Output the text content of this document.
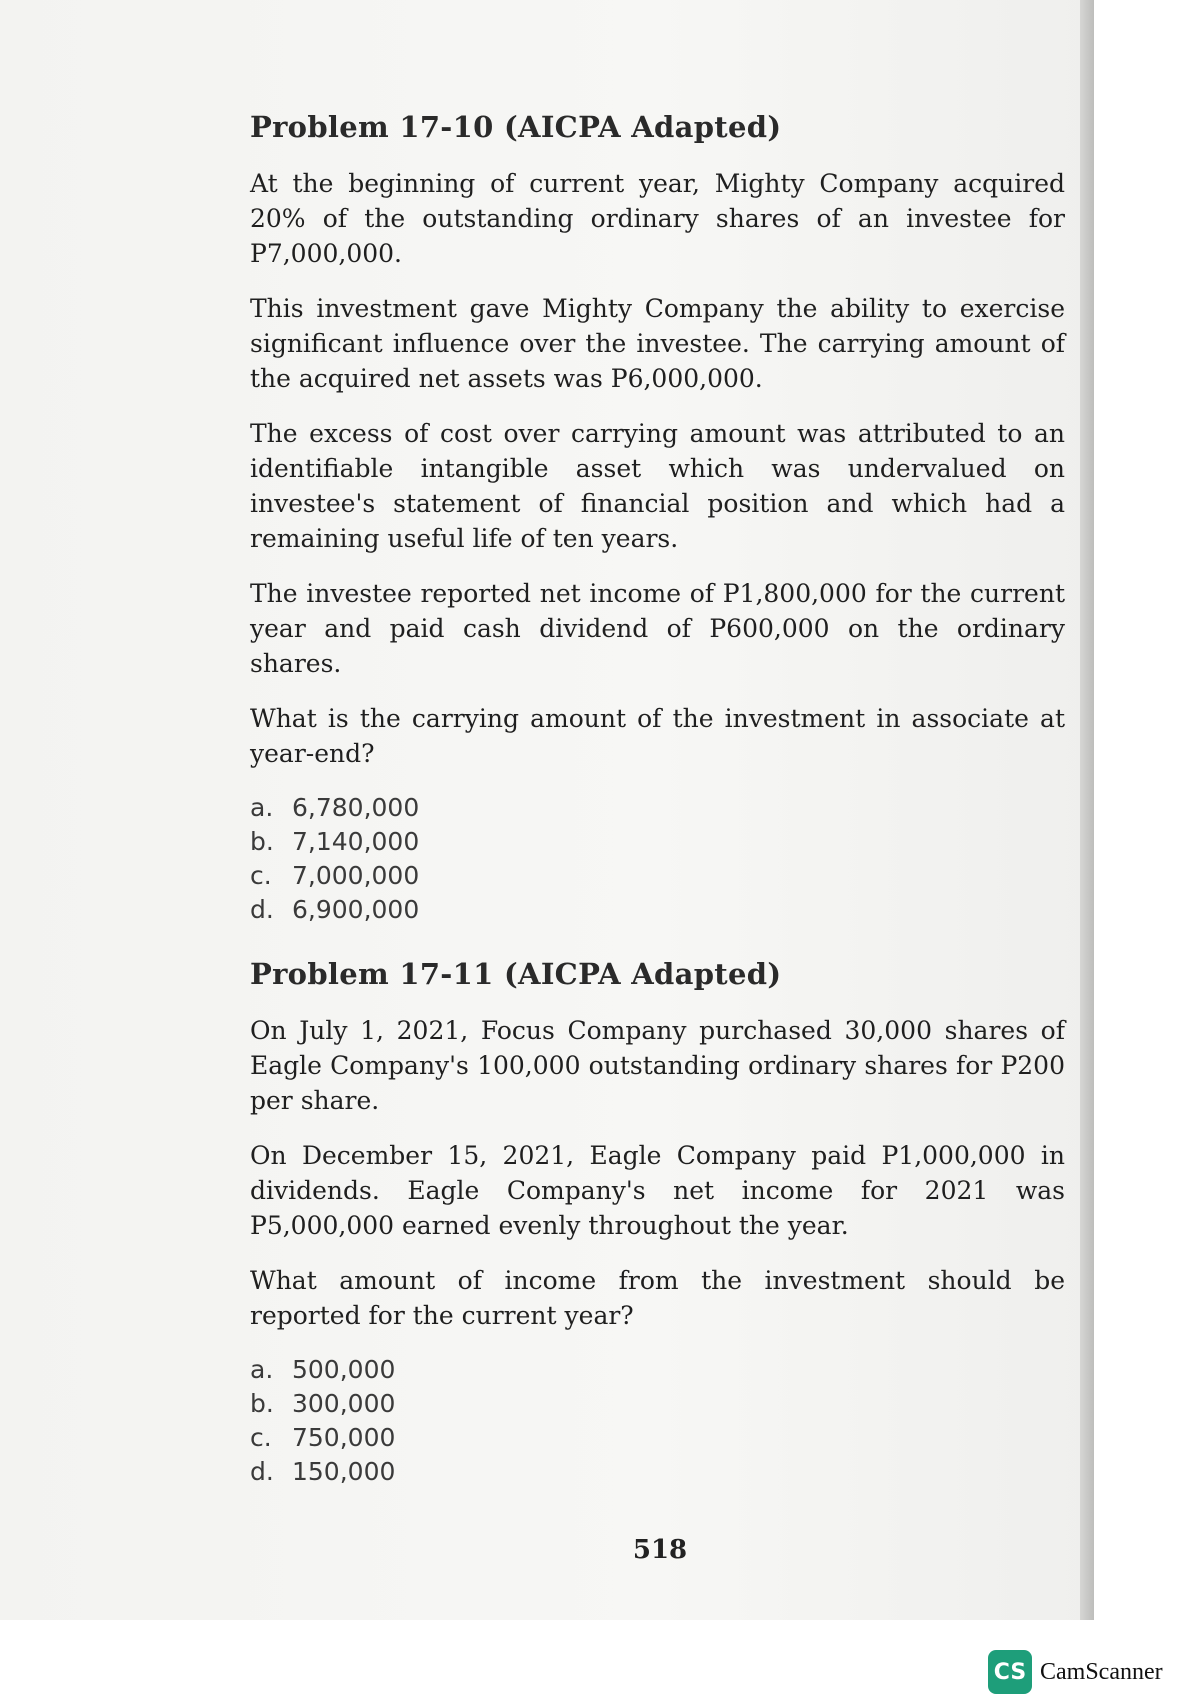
Problem 17-10 (AICPA Adapted)

At the beginning of current year, Mighty Company acquired 20% of the outstanding ordinary shares of an investee for P7,000,000.

This investment gave Mighty Company the ability to exercise significant influence over the investee. The carrying amount of the acquired net assets was P6,000,000.

The excess of cost over carrying amount was attributed to an identifiable intangible asset which was undervalued on investee's statement of financial position and which had a remaining useful life of ten years.

The investee reported net income of P1,800,000 for the current year and paid cash dividend of P600,000 on the ordinary shares.

What is the carrying amount of the investment in associate at year-end?

a. 6,780,000
b. 7,140,000
c. 7,000,000
d. 6,900,000
Problem 17-11 (AICPA Adapted)

On July 1, 2021, Focus Company purchased 30,000 shares of Eagle Company's 100,000 outstanding ordinary shares for P200 per share.

On December 15, 2021, Eagle Company paid P1,000,000 in dividends. Eagle Company's net income for 2021 was P5,000,000 earned evenly throughout the year.

What amount of income from the investment should be reported for the current year?

a. 500,000
b. 300,000
c. 750,000
d. 150,000
518
CS CamScanner
